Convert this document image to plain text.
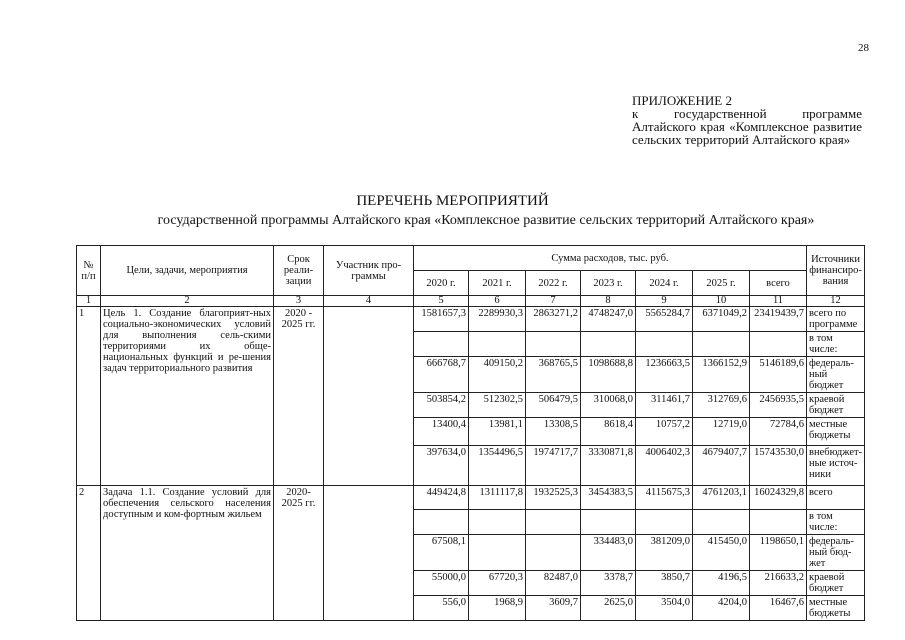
28
ПРИЛОЖЕНИЕ 2
к государственной программе Алтайского края «Комплексное развитие сельских территорий Алтайского края»
ПЕРЕЧЕНЬ МЕРОПРИЯТИЙ
государственной программы Алтайского края «Комплексное развитие сельских территорий Алтайского края»
№ п/п	Цели, задачи, мероприятия	Срок реали-зации	Участник про-граммы	Сумма расходов, тыс. руб.							Источники финансиро-вания
				2020 г.	2021 г.	2022 г.	2023 г.	2024 г.	2025 г.	всего	
1	2	3	4	5	6	7	8	9	10	11	12
1	Цель 1. Создание благоприят-ных социально-экономических условий для выполнения сель-скими территориями их обще-национальных функций и ре-шения задач территориального развития	2020 - 2025 гг.		1581657,3	2289930,3	2863271,2	4748247,0	5565284,7	6371049,2	23419439,7	всего по программе
											в том числе:
				666768,7	409150,2	368765,5	1098688,8	1236663,5	1366152,9	5146189,6	федераль-ный бюджет
				503854,2	512302,5	506479,5	310068,0	311461,7	312769,6	2456935,5	краевой бюджет
				13400,4	13981,1	13308,5	8618,4	10757,2	12719,0	72784,6	местные бюджеты
				397634,0	1354496,5	1974717,7	3330871,8	4006402,3	4679407,7	15743530,0	внебюджет-ные источ-ники
2	Задача 1.1. Создание условий для обеспечения сельского населения доступным и ком-фортным жильем	2020-2025 гг.		449424,8	1311117,8	1932525,3	3454383,5	4115675,3	4761203,1	16024329,8	всего
											в том числе:
				67508,1			334483,0	381209,0	415450,0	1198650,1	федераль-ный бюд-жет
				55000,0	67720,3	82487,0	3378,7	3850,7	4196,5	216633,2	краевой бюджет
				556,0	1968,9	3609,7	2625,0	3504,0	4204,0	16467,6	местные бюджеты
